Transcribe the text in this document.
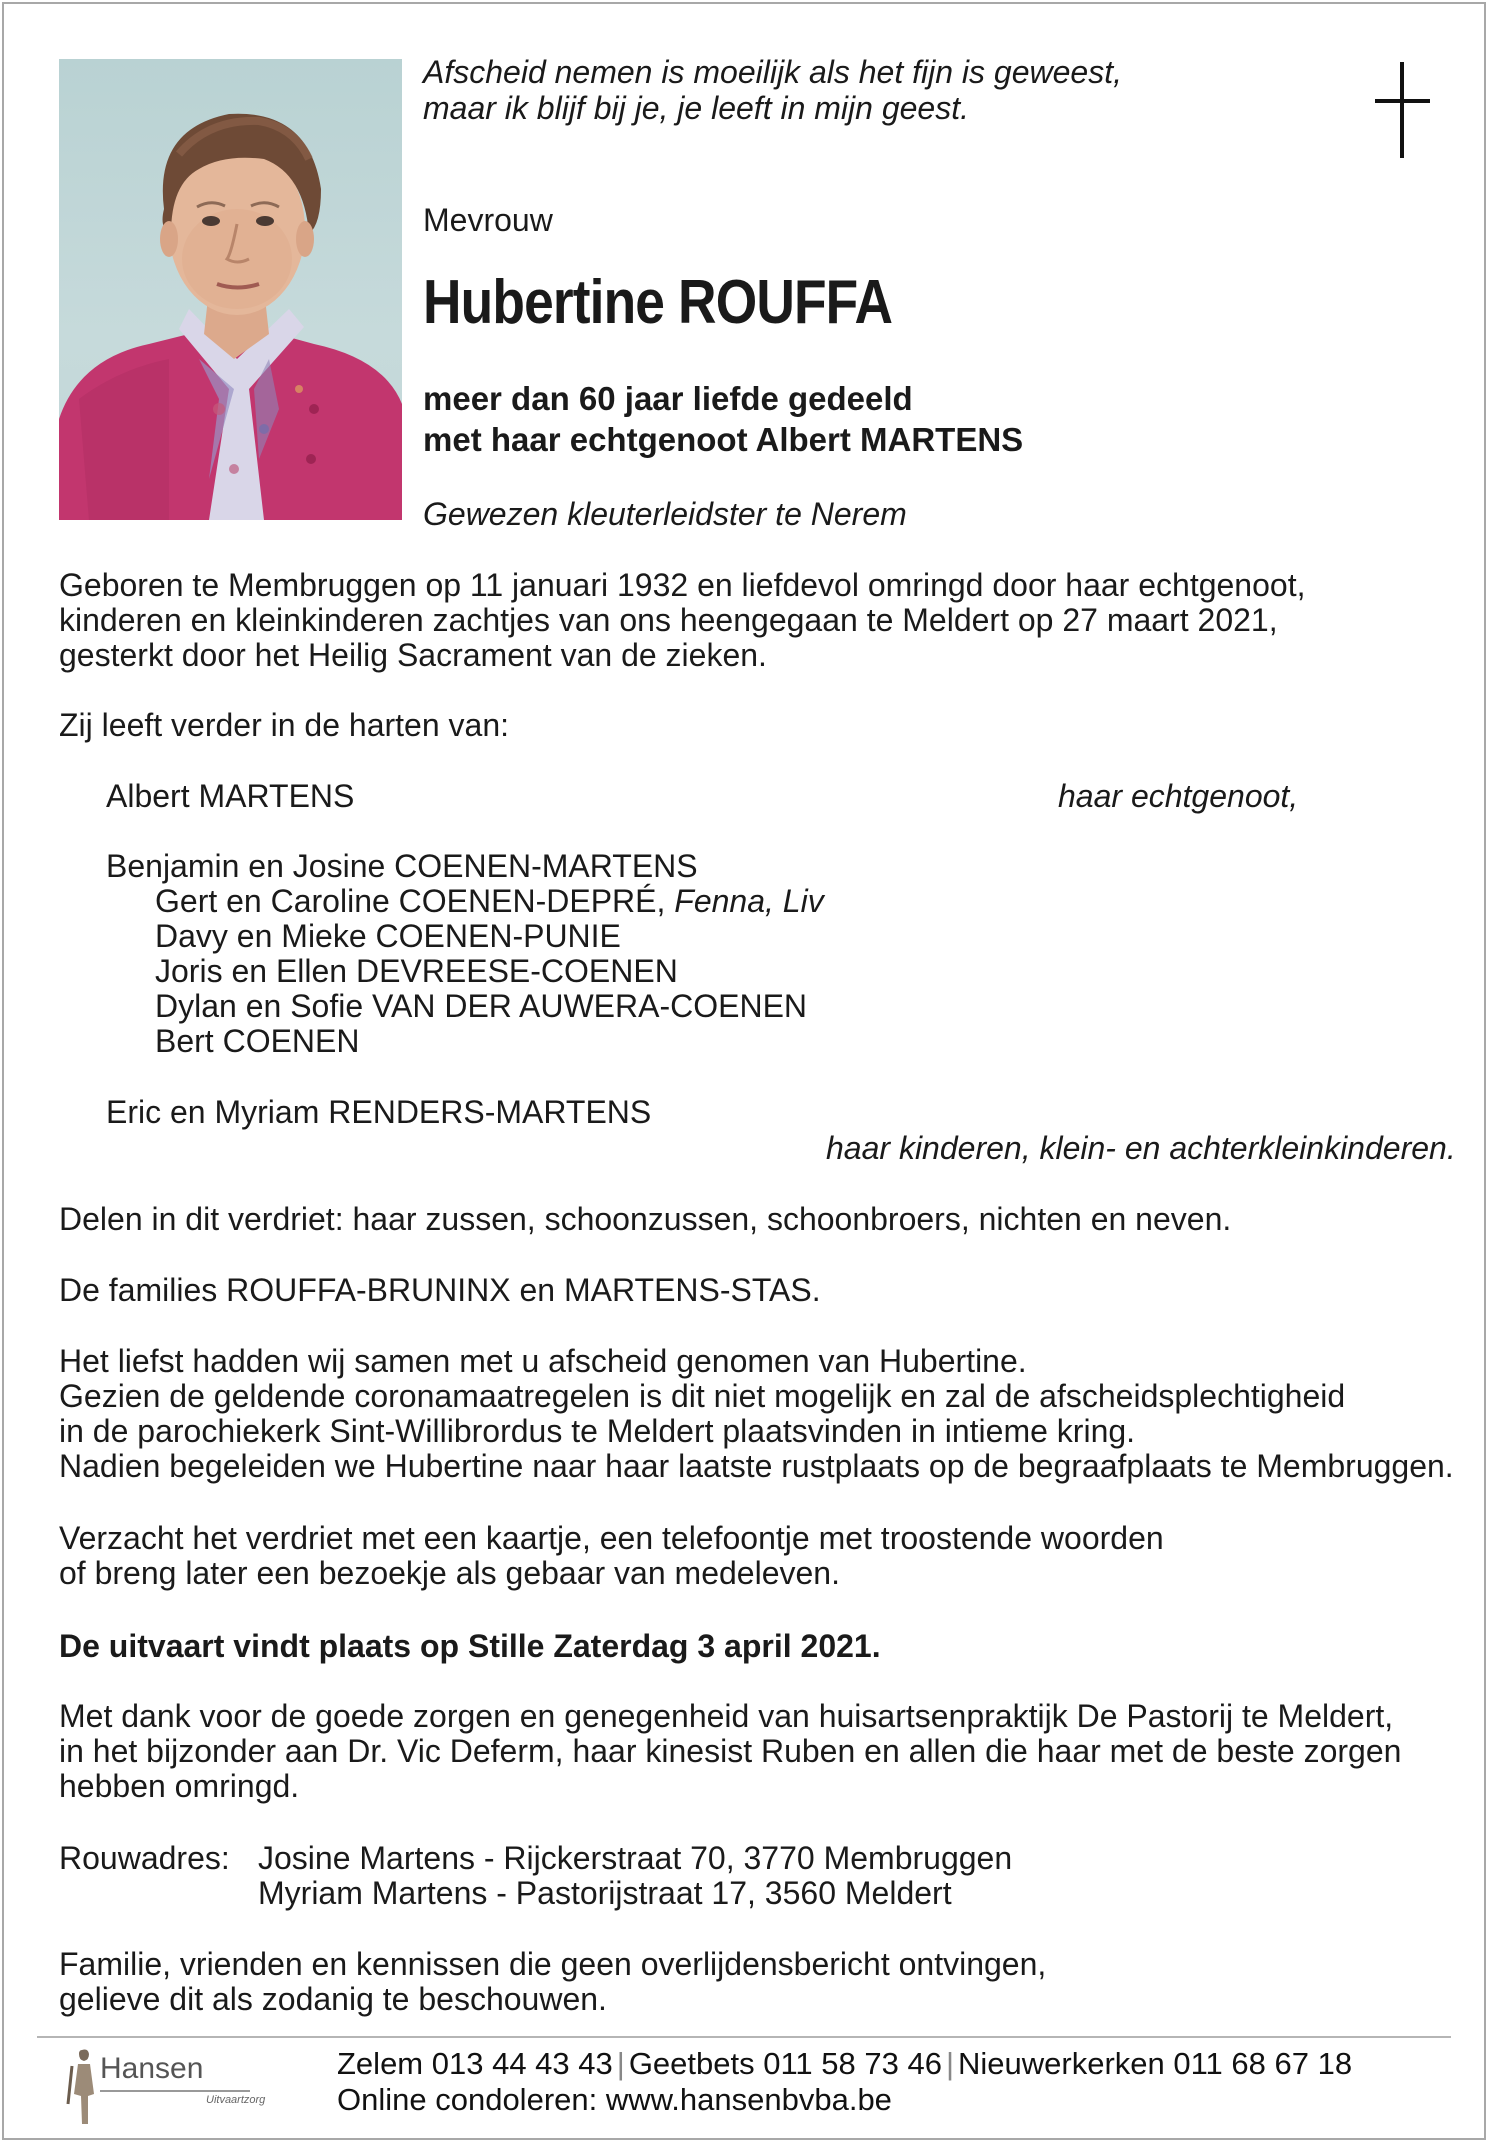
Afscheid nemen is moeilijk als het fijn is geweest,
maar ik blijf bij je, je leeft in mijn geest.
Mevrouw
Hubertine ROUFFA
meer dan 60 jaar liefde gedeeld
met haar echtgenoot Albert MARTENS
Gewezen kleuterleidster te Nerem
Geboren te Membruggen op 11 januari 1932 en liefdevol omringd door haar echtgenoot,
kinderen en kleinkinderen zachtjes van ons heengegaan te Meldert op 27 maart 2021,
gesterkt door het Heilig Sacrament van de zieken.
Zij leeft verder in de harten van:
Albert MARTENS	haar echtgenoot,
Benjamin en Josine COENEN-MARTENS
Gert en Caroline COENEN-DEPRÉ, Fenna, Liv
Davy en Mieke COENEN-PUNIE
Joris en Ellen DEVREESE-COENEN
Dylan en Sofie VAN DER AUWERA-COENEN
Bert COENEN
Eric en Myriam RENDERS-MARTENS
haar kinderen, klein- en achterkleinkinderen.
Delen in dit verdriet: haar zussen, schoonzussen, schoonbroers, nichten en neven.
De families ROUFFA-BRUNINX en MARTENS-STAS.
Het liefst hadden wij samen met u afscheid genomen van Hubertine.
Gezien de geldende coronamaatregelen is dit niet mogelijk en zal de afscheidsplechtigheid
in de parochiekerk Sint-Willibrordus te Meldert plaatsvinden in intieme kring.
Nadien begeleiden we Hubertine naar haar laatste rustplaats op de begraafplaats te Membruggen.
Verzacht het verdriet met een kaartje, een telefoontje met troostende woorden
of breng later een bezoekje als gebaar van medeleven.
De uitvaart vindt plaats op Stille Zaterdag 3 april 2021.
Met dank voor de goede zorgen en genegenheid van huisartsenpraktijk De Pastorij te Meldert,
in het bijzonder aan Dr. Vic Deferm, haar kinesist Ruben en allen die haar met de beste zorgen
hebben omringd.
Rouwadres: Josine Martens - Rijckerstraat 70, 3770 Membruggen
Myriam Martens - Pastorijstraat 17, 3560 Meldert
Familie, vrienden en kennissen die geen overlijdensbericht ontvingen,
gelieve dit als zodanig te beschouwen.
Hansen
Uitvaartzorg
Zelem 013 44 43 43 | Geetbets 011 58 73 46 | Nieuwerkerken 011 68 67 18
Online condoleren: www.hansenbvba.be
